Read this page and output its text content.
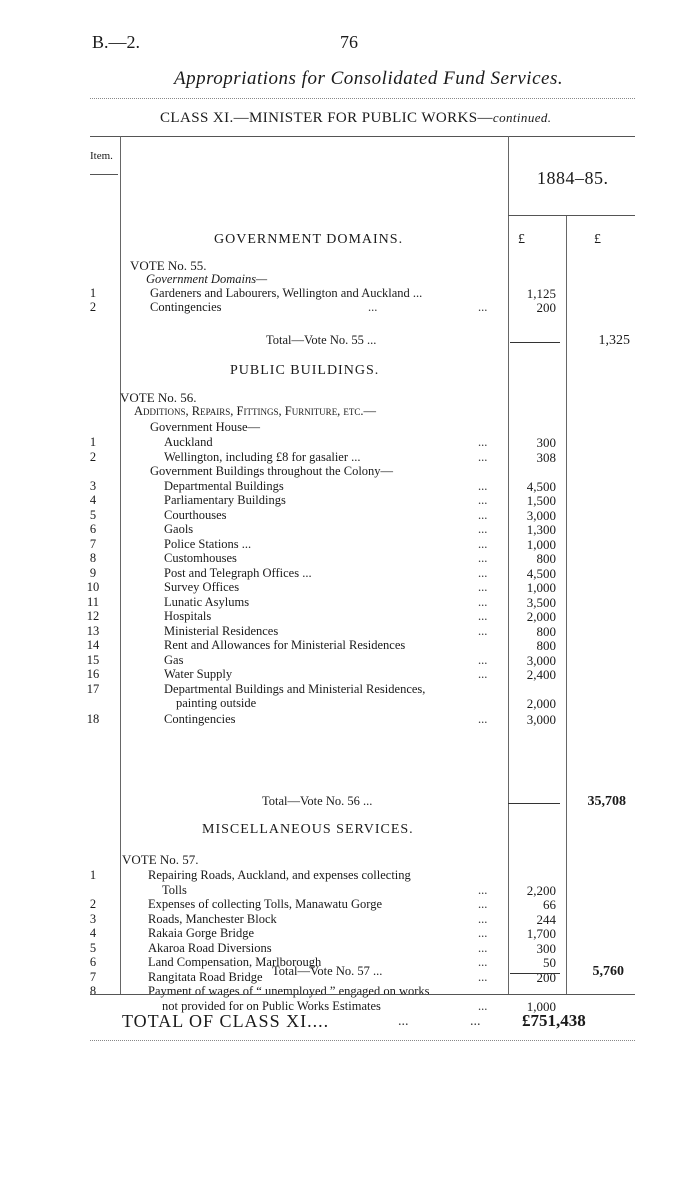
B.—2.	76
Appropriations for Consolidated Fund Services.
CLASS XI.—MINISTER FOR PUBLIC WORKS—continued.
Item.
1884–85.
£	£
GOVERNMENT DOMAINS.
VOTE No. 55.
Government Domains—
1	Gardeners and Labourers, Wellington and Auckland ...	1,125
2	Contingencies	...	...	200
Total—Vote No. 55 ...	1,325
PUBLIC BUILDINGS.
VOTE No. 56.
Additions, Repairs, Fittings, Furniture, etc.—
Government House—
1	Auckland	...	300
2	Wellington, including £8 for gasalier ...	...	308
Government Buildings throughout the Colony—
3	Departmental Buildings	...	4,500
4	Parliamentary Buildings	...	1,500
5	Courthouses	...	3,000
6	Gaols	...	1,300
7	Police Stations ...	...	1,000
8	Customhouses	...	800
9	Post and Telegraph Offices ...	...	4,500
10	Survey Offices	...	1,000
11	Lunatic Asylums	...	3,500
12	Hospitals	...	2,000
13	Ministerial Residences	...	800
14	Rent and Allowances for Ministerial Residences	800
15	Gas	...	3,000
16	Water Supply	...	2,400
17	Departmental Buildings and Ministerial Residences,
painting outside	2,000
18	Contingencies	...	3,000
Total—Vote No. 56 ...	35,708
MISCELLANEOUS SERVICES.
VOTE No. 57.
1	Repairing Roads, Auckland, and expenses collecting
Tolls	...	2,200
2	Expenses of collecting Tolls, Manawatu Gorge	...	66
3	Roads, Manchester Block	...	244
4	Rakaia Gorge Bridge	...	1,700
5	Akaroa Road Diversions	...	300
6	Land Compensation, Marlborough	...	50
7	Rangitata Road Bridge	...	200
8	Payment of wages of “ unemployed ” engaged on works
not provided for on Public Works Estimates	...	1,000
Total—Vote No. 57 ...	5,760
TOTAL OF CLASS XI....	...	... £751,438
